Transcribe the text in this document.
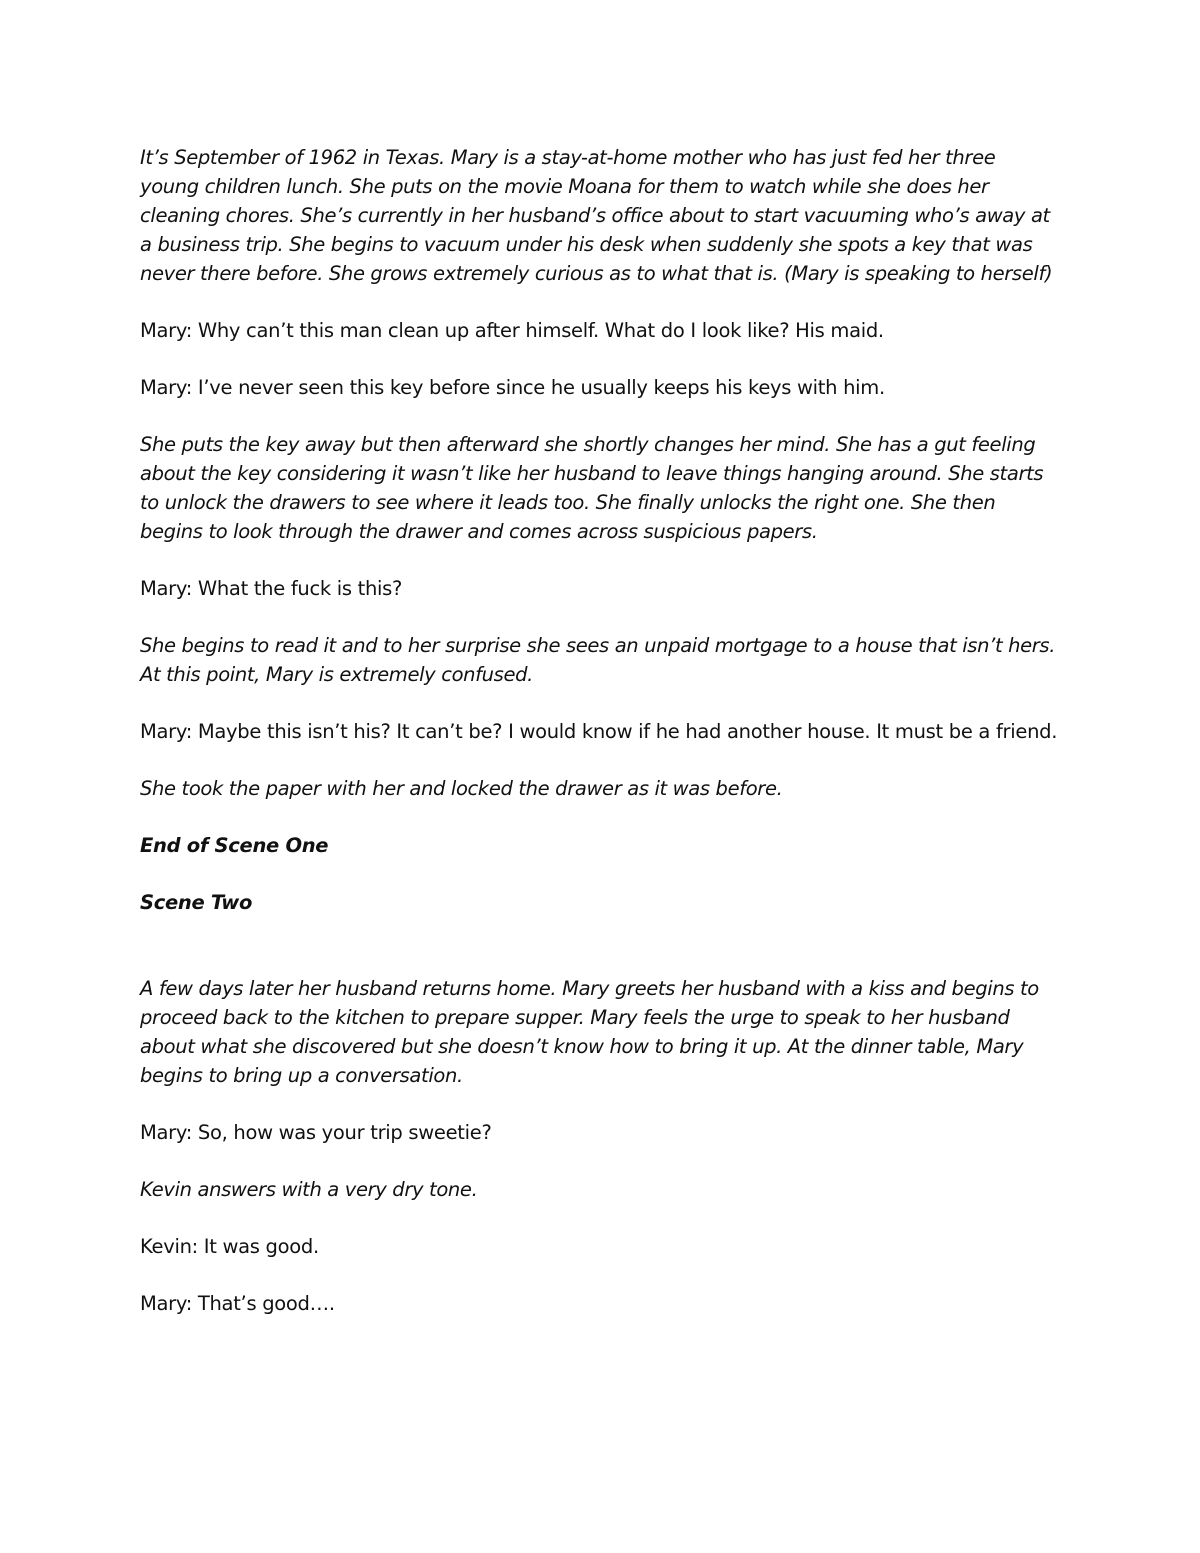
It’s September of 1962 in Texas. Mary is a stay-at-home mother who has just fed her three young children lunch. She puts on the movie Moana for them to watch while she does her cleaning chores. She’s currently in her husband’s office about to start vacuuming who’s away at a business trip. She begins to vacuum under his desk when suddenly she spots a key that was never there before. She grows extremely curious as to what that is. (Mary is speaking to herself)

Mary: Why can’t this man clean up after himself. What do I look like? His maid.

Mary: I’ve never seen this key before since he usually keeps his keys with him.

She puts the key away but then afterward she shortly changes her mind. She has a gut feeling about the key considering it wasn’t like her husband to leave things hanging around. She starts to unlock the drawers to see where it leads too. She finally unlocks the right one. She then begins to look through the drawer and comes across suspicious papers.

Mary: What the fuck is this?

She begins to read it and to her surprise she sees an unpaid mortgage to a house that isn’t hers. At this point, Mary is extremely confused.

Mary: Maybe this isn’t his? It can’t be? I would know if he had another house. It must be a friend.

She took the paper with her and locked the drawer as it was before.

End of Scene One

Scene Two

A few days later her husband returns home. Mary greets her husband with a kiss and begins to proceed back to the kitchen to prepare supper. Mary feels the urge to speak to her husband about what she discovered but she doesn’t know how to bring it up. At the dinner table, Mary begins to bring up a conversation.

Mary: So, how was your trip sweetie?

Kevin answers with a very dry tone.

Kevin: It was good.

Mary: That’s good….
